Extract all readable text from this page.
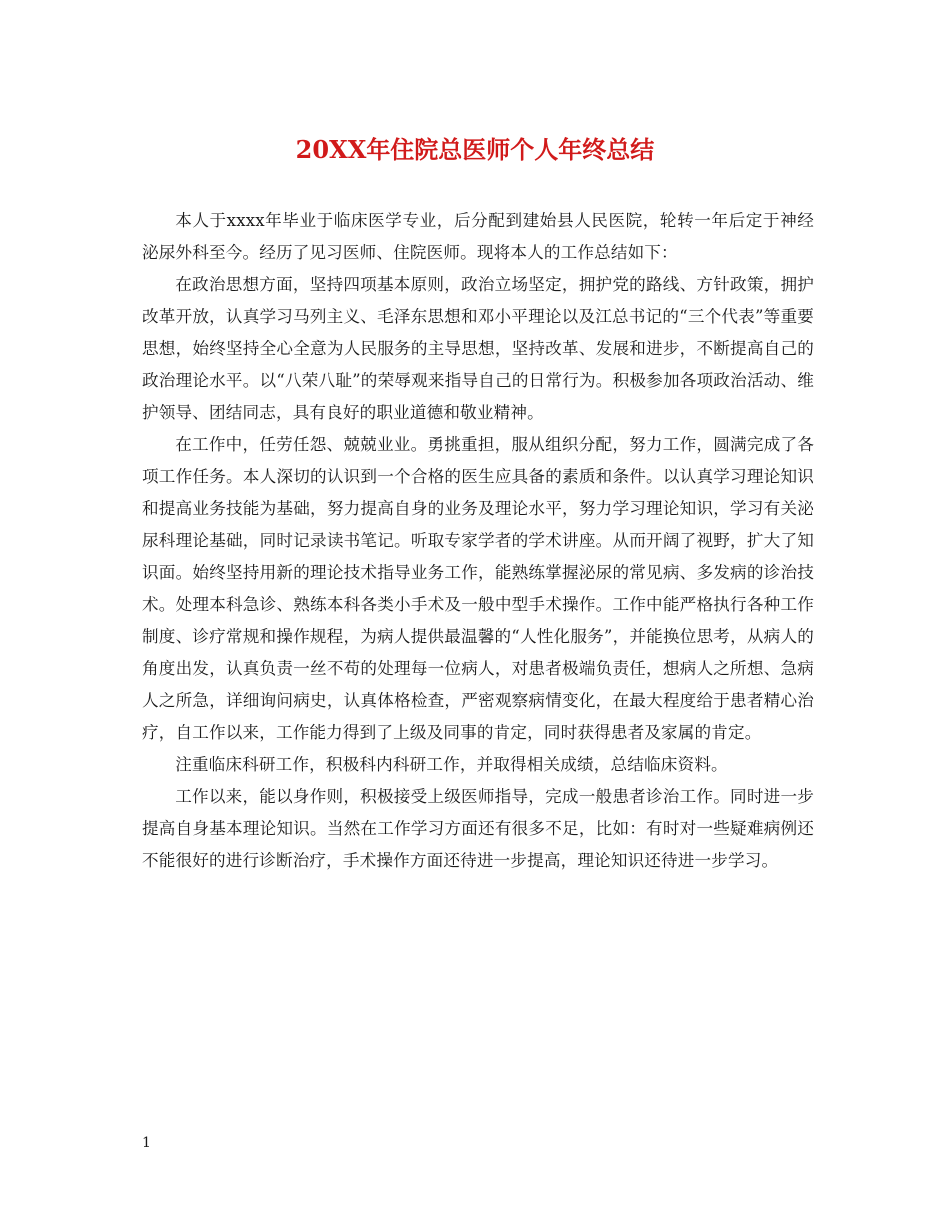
20XX年住院总医师个人年终总结

本人于xxxx年毕业于临床医学专业，后分配到建始县人民医院，轮转一年后定于神经泌尿外科至今。经历了见习医师、住院医师。现将本人的工作总结如下：

在政治思想方面，坚持四项基本原则，政治立场坚定，拥护党的路线、方针政策，拥护改革开放，认真学习马列主义、毛泽东思想和邓小平理论以及江总书记的“三个代表”等重要思想，始终坚持全心全意为人民服务的主导思想，坚持改革、发展和进步，不断提高自己的政治理论水平。以“八荣八耻”的荣辱观来指导自己的日常行为。积极参加各项政治活动、维护领导、团结同志，具有良好的职业道德和敬业精神。

在工作中，任劳任怨、兢兢业业。勇挑重担，服从组织分配，努力工作，圆满完成了各项工作任务。本人深切的认识到一个合格的医生应具备的素质和条件。以认真学习理论知识和提高业务技能为基础，努力提高自身的业务及理论水平，努力学习理论知识，学习有关泌尿科理论基础，同时记录读书笔记。听取专家学者的学术讲座。从而开阔了视野，扩大了知识面。始终坚持用新的理论技术指导业务工作，能熟练掌握泌尿的常见病、多发病的诊治技术。处理本科急诊、熟练本科各类小手术及一般中型手术操作。工作中能严格执行各种工作制度、诊疗常规和操作规程，为病人提供最温馨的“人性化服务”，并能换位思考，从病人的角度出发，认真负责一丝不苟的处理每一位病人，对患者极端负责任，想病人之所想、急病人之所急，详细询问病史，认真体格检查，严密观察病情变化，在最大程度给于患者精心治疗，自工作以来，工作能力得到了上级及同事的肯定，同时获得患者及家属的肯定。

注重临床科研工作，积极科内科研工作，并取得相关成绩，总结临床资料。

工作以来，能以身作则，积极接受上级医师指导，完成一般患者诊治工作。同时进一步提高自身基本理论知识。当然在工作学习方面还有很多不足，比如：有时对一些疑难病例还不能很好的进行诊断治疗，手术操作方面还待进一步提高，理论知识还待进一步学习。

1
